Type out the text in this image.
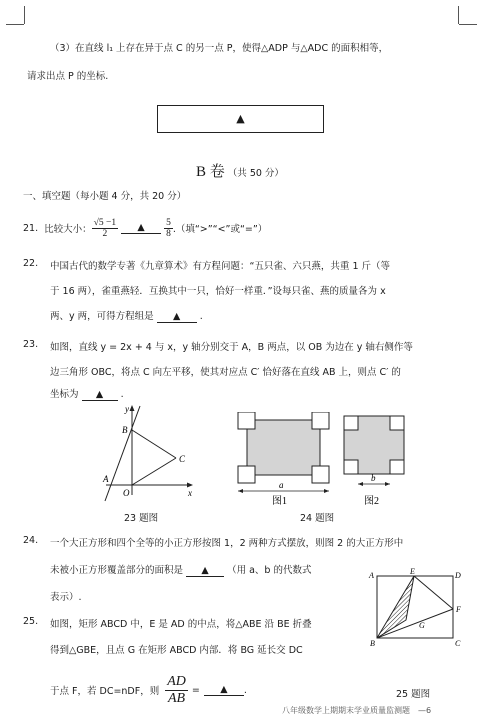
（3）在直线 l₁ 上存在异于点 C 的另一点 P，使得△ADP 与△ADC 的面积相等，
请求出点 P 的坐标.
▲
B 卷 （共 50 分）
一、填空题（每小题 4 分，共 20 分）
21. 比较大小： $\frac{√5 -1}{2}$	▲	$\frac{5}{8}$ .（填“>”“<”或“=”）
22. 中国古代的数学专著《九章算术》有方程问题：“五只雀、六只燕，共重 1 斤（等
于 16 两），雀重燕轻．互换其中一只，恰好一样重．”设每只雀、燕的质量各为 x
两、y 两，可得方程组是 ▲ .
23. 如图，直线 y = 2x + 4 与 x，y 轴分别交于 A，B 两点，以 OB 为边在 y 轴右侧作等
边三角形 OBC，将点 C 向左平移，使其对应点 C′ 恰好落在直线 AB 上，则点 C′ 的
坐标为 ▲ .
y
x
B
C
A
O
23 题图
a
b
图1	图2
24 题图
24. 一个大正方形和四个全等的小正方形按图 1，2 两种方式摆放，则图 2 的大正方形中
未被小正方形覆盖部分的面积是 ▲ （用 a、b 的代数式
表示）.
25. 如图，矩形 ABCD 中，E 是 AD 的中点，将△ABE 沿 BE 折叠
得到△GBE，且点 G 在矩形 ABCD 内部．将 BG 延长交 DC
于点 F，若 DC=nDF，则 $\frac{AD}{AB}$ =	▲	.
A	E	D
F
G
B	C
25 题图
八年级数学上期期末学业质量监测题　—6
